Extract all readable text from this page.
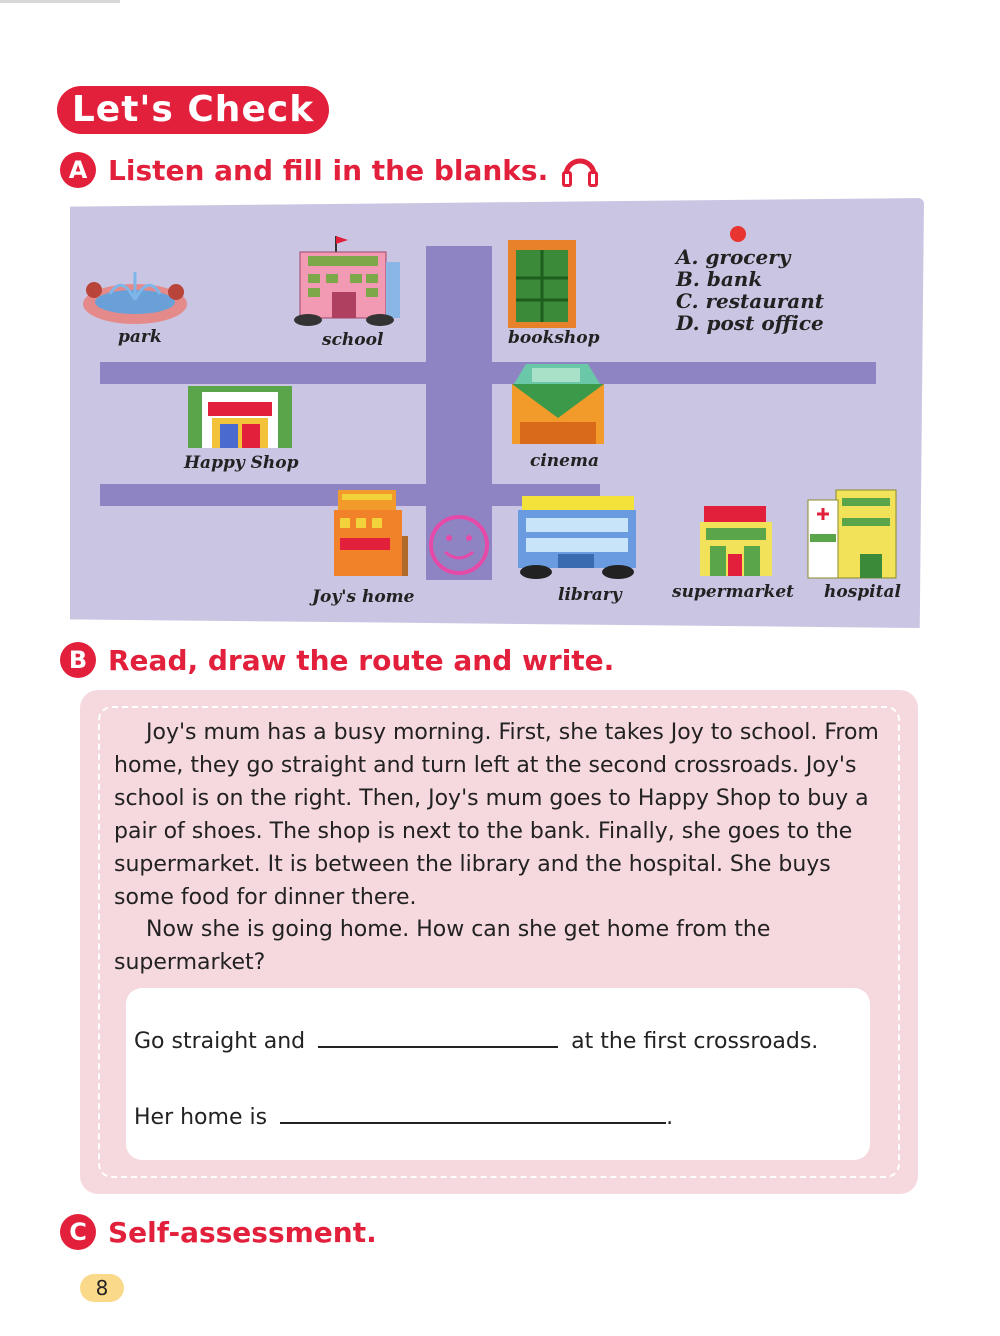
Let's Check
A Listen and fill in the blanks.
park	school	bookshop
A. grocery
B. bank
C. restaurant
D. post office
Happy Shop	cinema
Joy's home	library	supermarket hospital
B Read, draw the route and write.
Joy's mum has a busy morning. First, she takes Joy to school. From home, they go straight and turn left at the second crossroads. Joy's school is on the right. Then, Joy's mum goes to Happy Shop to buy a pair of shoes. The shop is next to the bank. Finally, she goes to the supermarket. It is between the library and the hospital. She buys some food for dinner there.
Now she is going home. How can she get home from the supermarket?
Go straight and	at the first crossroads.
Her home is	.
C Self-assessment.
8
